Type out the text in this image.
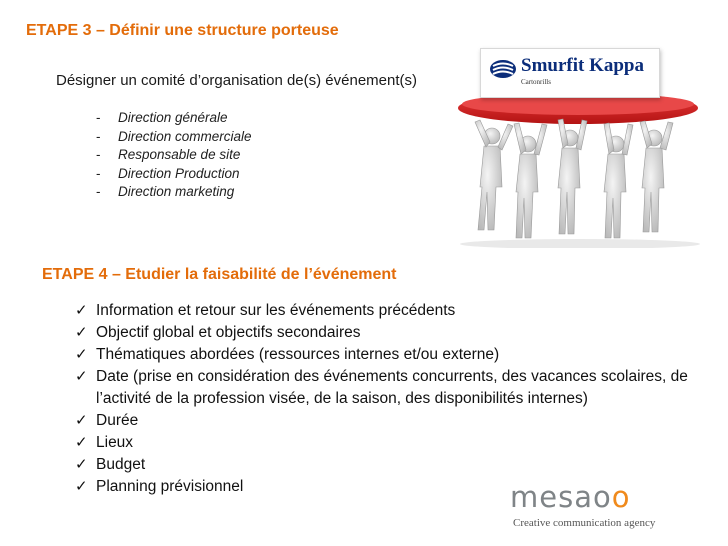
ETAPE 3 – Définir une structure porteuse
Désigner un comité d’organisation de(s) événement(s)
- Direction générale
- Direction commerciale
- Responsable de site
- Direction Production
- Direction marketing
Smurfit Kappa
Cartonrills
ETAPE 4 – Etudier la faisabilité de l’événement
✓ Information et retour sur les événements précédents
✓ Objectif global et objectifs secondaires
✓ Thématiques abordées (ressources internes et/ou externe)
✓ Date (prise en considération des événements concurrents, des vacances scolaires, de l’activité de la profession visée, de la saison, des disponibilités internes)
✓ Durée
✓ Lieux
✓ Budget
✓ Planning prévisionnel	mesaoo
Creative communication agency
